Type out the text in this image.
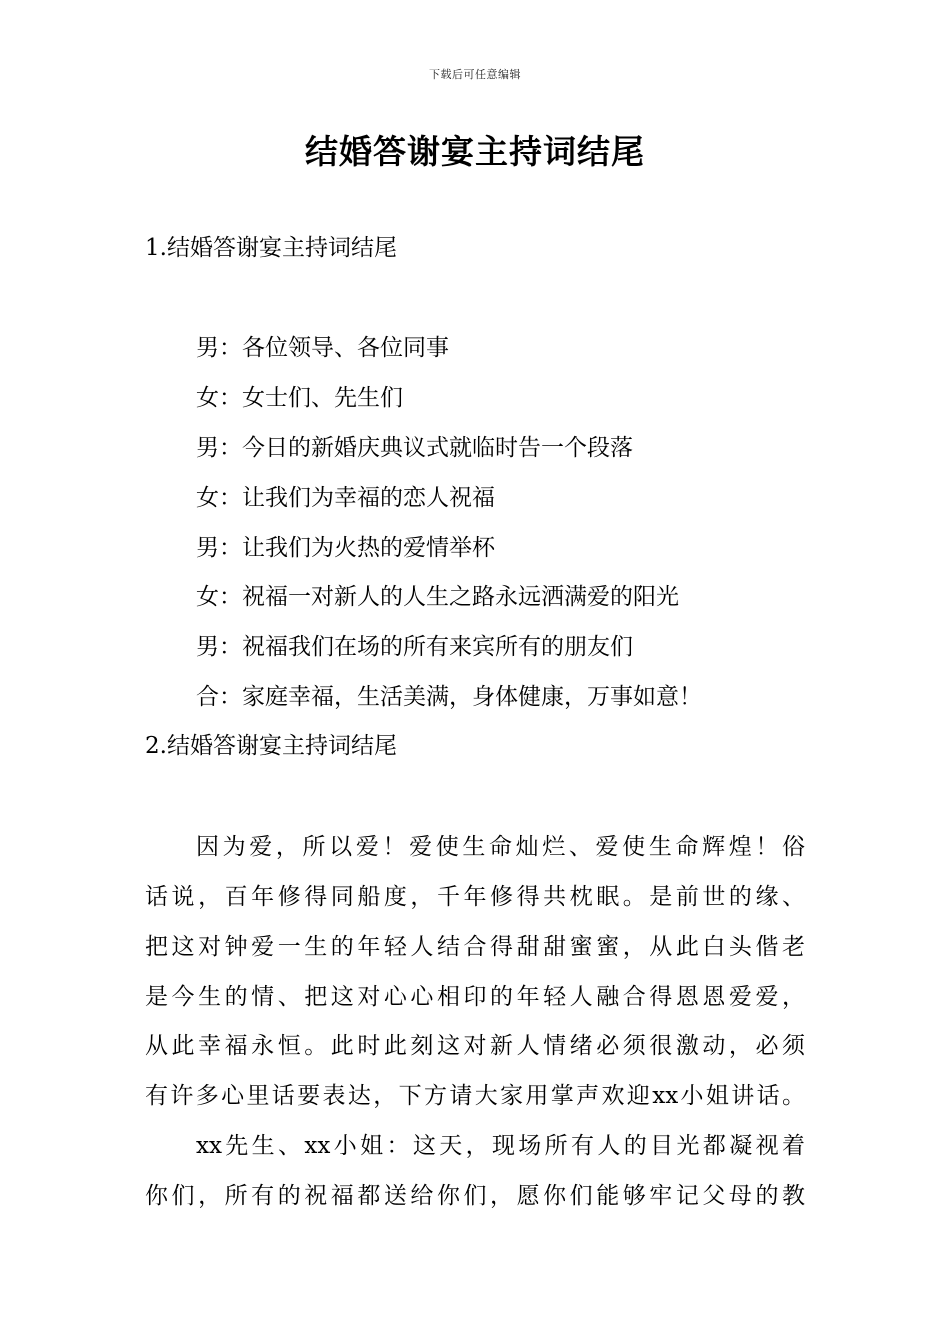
下载后可任意编辑
结婚答谢宴主持词结尾
1.结婚答谢宴主持词结尾
男：各位领导、各位同事
女：女士们、先生们
男：今日的新婚庆典议式就临时告一个段落
女：让我们为幸福的恋人祝福
男：让我们为火热的爱情举杯
女：祝福一对新人的人生之路永远洒满爱的阳光
男：祝福我们在场的所有来宾所有的朋友们
合：家庭幸福，生活美满，身体健康，万事如意！
2.结婚答谢宴主持词结尾
因为爱，所以爱！爱使生命灿烂、爱使生命辉煌！俗
话说，百年修得同船度，千年修得共枕眠。是前世的缘、
把这对钟爱一生的年轻人结合得甜甜蜜蜜，从此白头偕老
是今生的情、把这对心心相印的年轻人融合得恩恩爱爱，
从此幸福永恒。此时此刻这对新人情绪必须很激动，必须
有许多心里话要表达，下方请大家用掌声欢迎xx小姐讲话。
xx先生、xx小姐：这天，现场所有人的目光都凝视着
你们，所有的祝福都送给你们，愿你们能够牢记父母的教
